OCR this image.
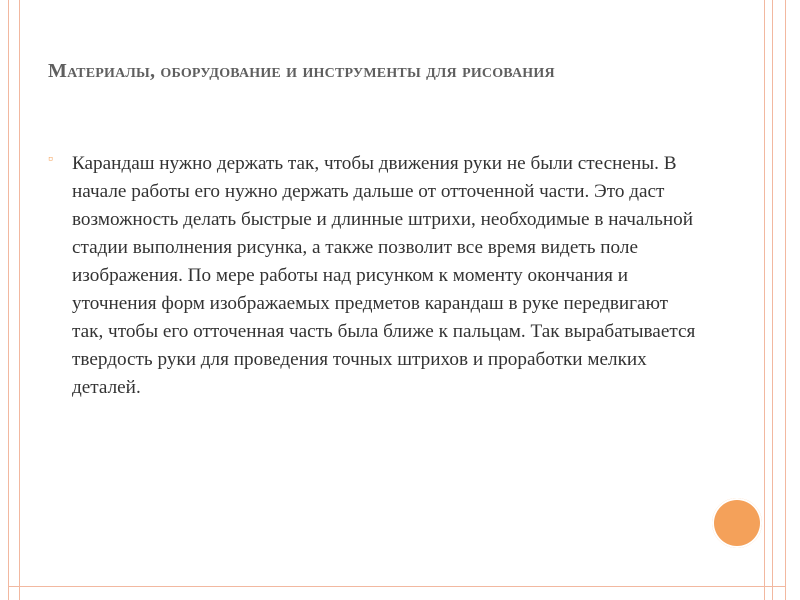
Материалы, оборудование и инструменты для рисования
▫ Карандаш нужно держать так, чтобы движения руки не были стеснены. В начале работы его нужно держать дальше от отточенной части. Это даст возможность делать быстрые и длинные штрихи, необходимые в начальной стадии выполнения рисунка, а также позволит все время видеть поле изображения. По мере работы над рисунком к моменту окончания и уточнения форм изображаемых предметов карандаш в руке передвигают так, чтобы его отточенная часть была ближе к пальцам. Так вырабатывается твердость руки для проведения точных штрихов и проработки мелких деталей.
